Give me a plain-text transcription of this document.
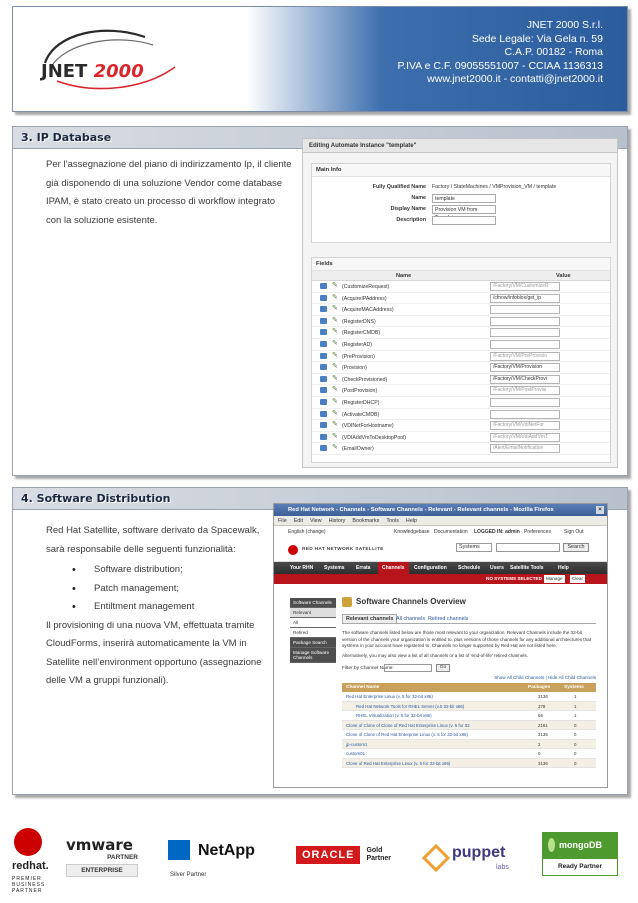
JNET 2000
JNET 2000 S.r.l.
Sede Legale: Via Gela n. 59
C.A.P. 00182 - Roma
P.IVA e C.F. 09055551007 - CCIAA 1136313
www.jnet2000.it - contatti@jnet2000.it
3. IP Database
Per l’assegnazione del piano di indirizzamento Ip, il cliente
già disponendo di una soluzione Vendor come database
IPAM, è stato creato un processo di workflow integrato
con la soluzione esistente.
Editing Automate Instance "template"
Main Info
Fully Qualified Name Factory / StateMachines / VMProvision_VM / template
Name	template
Display Name	Provision VM from
Description
Fields
Name	Value
✎ (CustomizeRequest)	/Factory/VM/CustomizeR
✎ (AcquireIPAddress)	/cfnow/infoblox/get_ip
✎ (AcquireMACAddress)
✎ (RegisterDNS)
✎ (RegisterCMDB)
✎ (RegisterAD)
✎ (PreProvision)	/Factory/VM/PreProvisio
✎ (Provision)	/Factory/VM/Provision
✎ (CheckProvisioned)	/Factory/VM/CheckProvi
✎ (PostProvision)	/Factory/VM/PostProvisi
✎ (RegisterDHCP)
✎ (ActivateCMDB)
✎ (VDINetForHostname)	/Factory/VM/VdiNetFor
✎ (VDIAddVmToDesktopPool)	/Factory/VM/VdiAddVmT
✎ (EmailOwner)	/Alert/EmailNotification
4. Software Distribution
Red Hat Satellite, software derivato da Spacewalk,
sarà responsabile delle seguenti funzionalità:
• Software distribution;
• Patch management;
• Entiltment management
Il provisioning di una nuova VM, effettuata tramite
CloudForms, inserirà automaticamente la VM in
Satellite nell’environment opportuno (assegnazione
delle VM a gruppi funzionali).
Red Hat Network - Channels - Software Channels - Relevant - Relevant channels - Mozilla Firefox	×
File Edit View History Bookmarks Tools Help
English (change)	Knowledgebase Documentation LOGGED IN: admin Preferences	Sign Out
RED HAT NETWORK SATELLITE	Systems	Search
Your RHN Systems Errata	Channels	Configuration Schedule Users Satellite Tools	Help
NO SYSTEMS SELECTED Manage	Clear
Software Channels
Relevant
All
Retired
Package Search
Manage Software Channels
Software Channels Overview
Relevant channels All channels Retired channels
The software channels listed below are those most relevant to your organization. Relevant Channels include the 32-bit version of the channels your organization is entitled to, plus versions of those channels for any additional architectures that systems in your account have registered to. Channels no longer supported by Red Hat are not listed here.
Alternatively, you may also view a list of all channels or a list of 'end-of-life' retired channels.
Filter by Channel Name:	Go
Show All Child Channels | Hide All Child Channels
Channel Name	Packages	Systems
Red Hat Enterprise Linux (v. 5 for 32-bit x86)	3136	1
Red Hat Network Tools for RHEL Server (v.5 32-bit x86)	378	1
RHEL Virtualization (v. 5 for 32-bit x86)	66	1
Clone of Clone of Clone of Red Hat Enterprise Linux (v. 5 for 32	2161	0
Clone of Clone of Red Hat Enterprise Linux (v. 5 for 32-bit x86)	3136	0
jp-custom1	2	0
custom01	0	0
Clone of Red Hat Enterprise Linux (v. 5 for 32-bit x86)	3136	0
redhat.
PREMIER
BUSINESS
PARTNER
vmware
PARTNER
ENTERPRISE
NetApp
Silver Partner
ORACLE	Gold
Partner	puppet
labs
mongoDB
Ready Partner
